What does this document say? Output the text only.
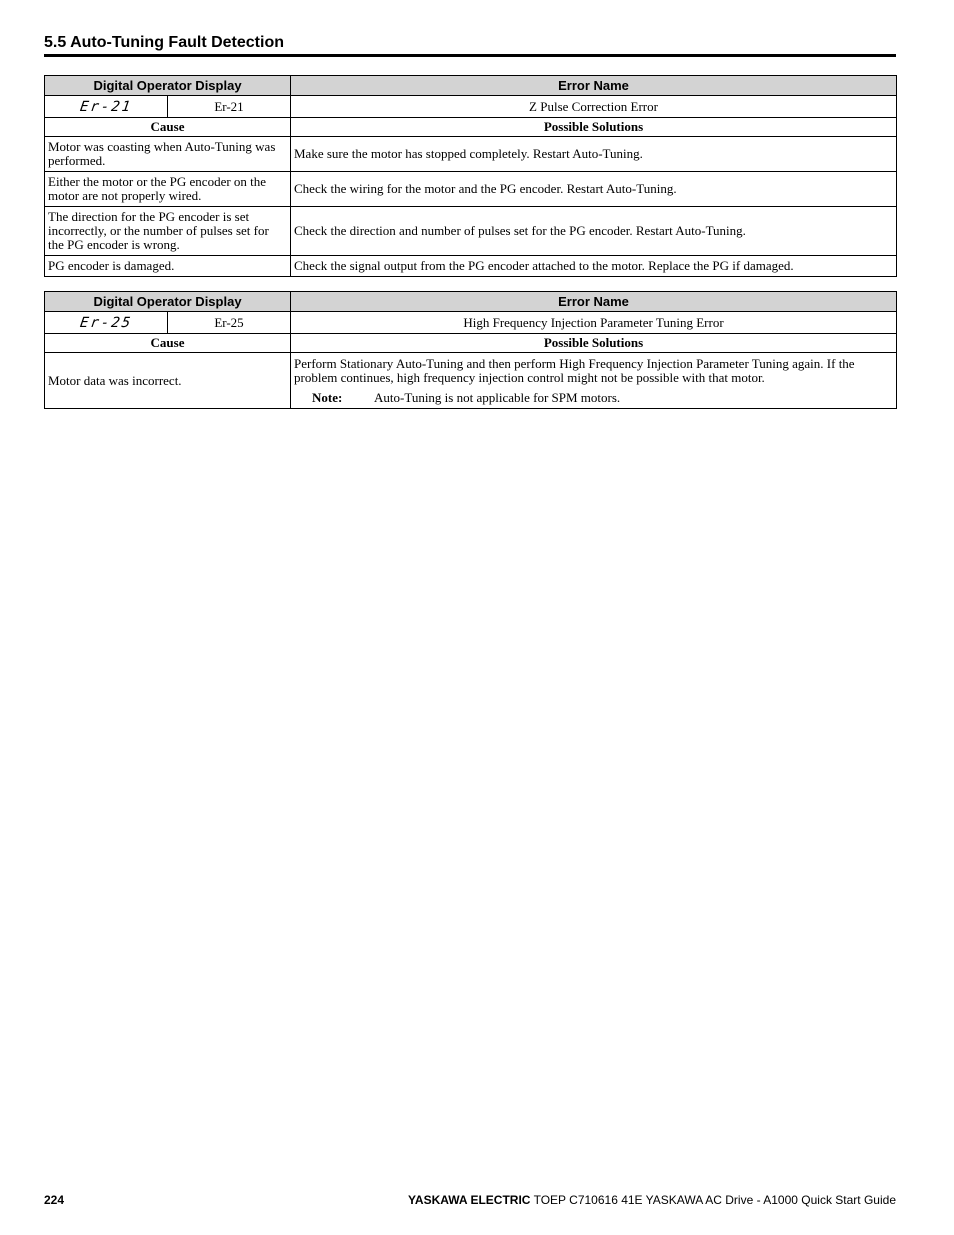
5.5 Auto-Tuning Fault Detection
Digital Operator Display		Error Name
Er-21	Er-21	Z Pulse Correction Error
Cause		Possible Solutions
Motor was coasting when Auto-Tuning was performed.		Make sure the motor has stopped completely. Restart Auto-Tuning.
Either the motor or the PG encoder on the motor are not properly wired.		Check the wiring for the motor and the PG encoder. Restart Auto-Tuning.
The direction for the PG encoder is set incorrectly, or the number of pulses set for the PG encoder is wrong.		Check the direction and number of pulses set for the PG encoder. Restart Auto-Tuning.
PG encoder is damaged.		Check the signal output from the PG encoder attached to the motor. Replace the PG if damaged.
Digital Operator Display		Error Name
Er-25	Er-25	High Frequency Injection Parameter Tuning Error
Cause		Possible Solutions
Motor data was incorrect.		Perform Stationary Auto-Tuning and then perform High Frequency Injection Parameter Tuning again. If the problem continues, high frequency injection control might not be possible with that motor.
Note: Auto-Tuning is not applicable for SPM motors.
224	YASKAWA ELECTRIC TOEP C710616 41E YASKAWA AC Drive - A1000 Quick Start Guide
